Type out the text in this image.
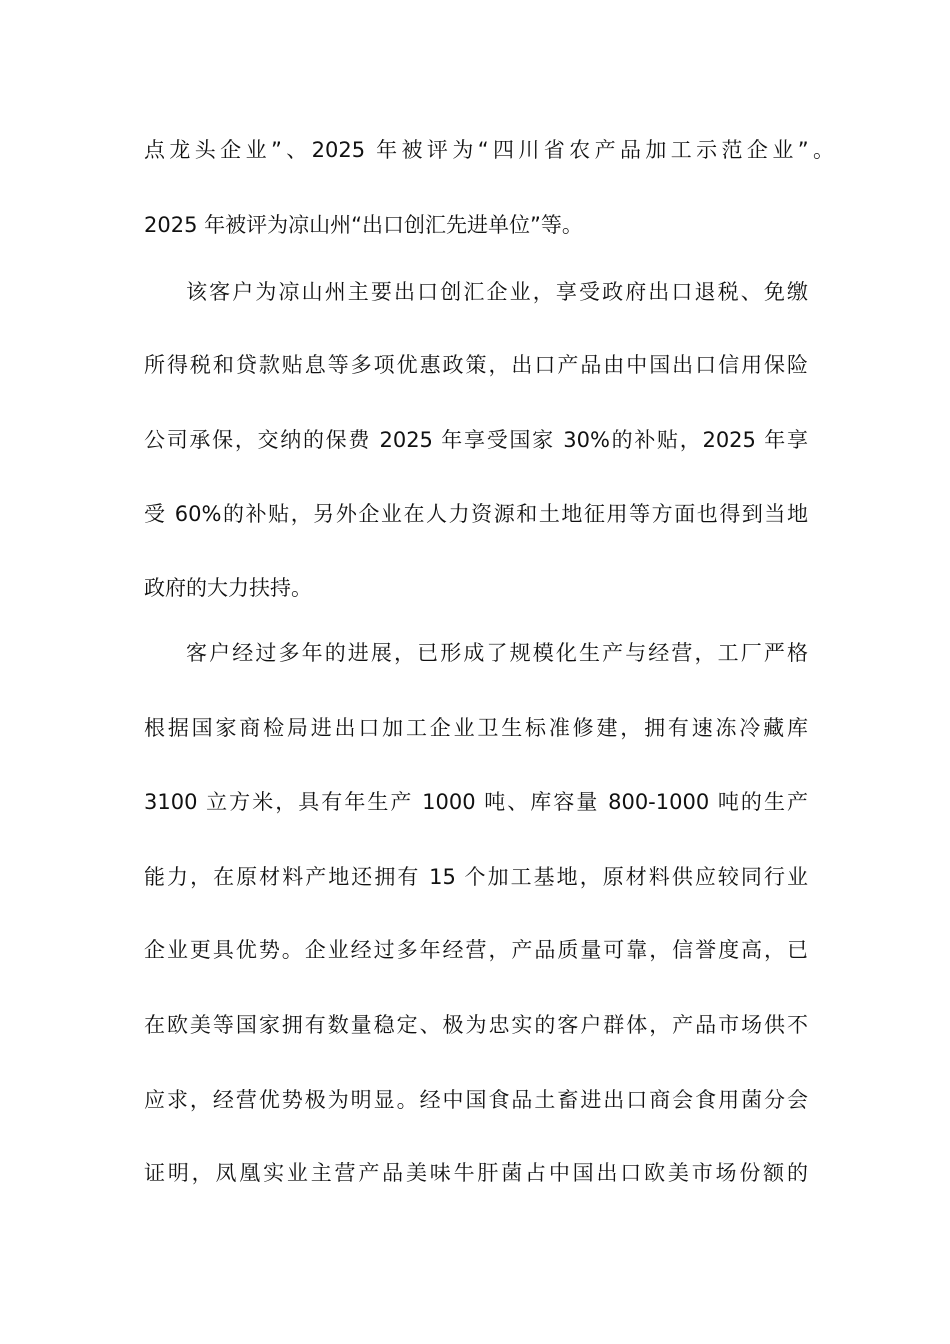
点龙头企业”、2025 年被评为“四川省农产品加工示范企业”。
2025 年被评为凉山州“出口创汇先进单位”等。
该客户为凉山州主要出口创汇企业，享受政府出口退税、免缴
所得税和贷款贴息等多项优惠政策，出口产品由中国出口信用保险
公司承保，交纳的保费 2025 年享受国家 30%的补贴，2025 年享
受 60%的补贴，另外企业在人力资源和土地征用等方面也得到当地
政府的大力扶持。
客户经过多年的进展，已形成了规模化生产与经营，工厂严格
根据国家商检局进出口加工企业卫生标准修建，拥有速冻冷藏库
3100 立方米，具有年生产 1000 吨、库容量 800-1000 吨的生产
能力，在原材料产地还拥有 15 个加工基地，原材料供应较同行业
企业更具优势。企业经过多年经营，产品质量可靠，信誉度高，已
在欧美等国家拥有数量稳定、极为忠实的客户群体，产品市场供不
应求，经营优势极为明显。经中国食品土畜进出口商会食用菌分会
证明，凤凰实业主营产品美味牛肝菌占中国出口欧美市场份额的
